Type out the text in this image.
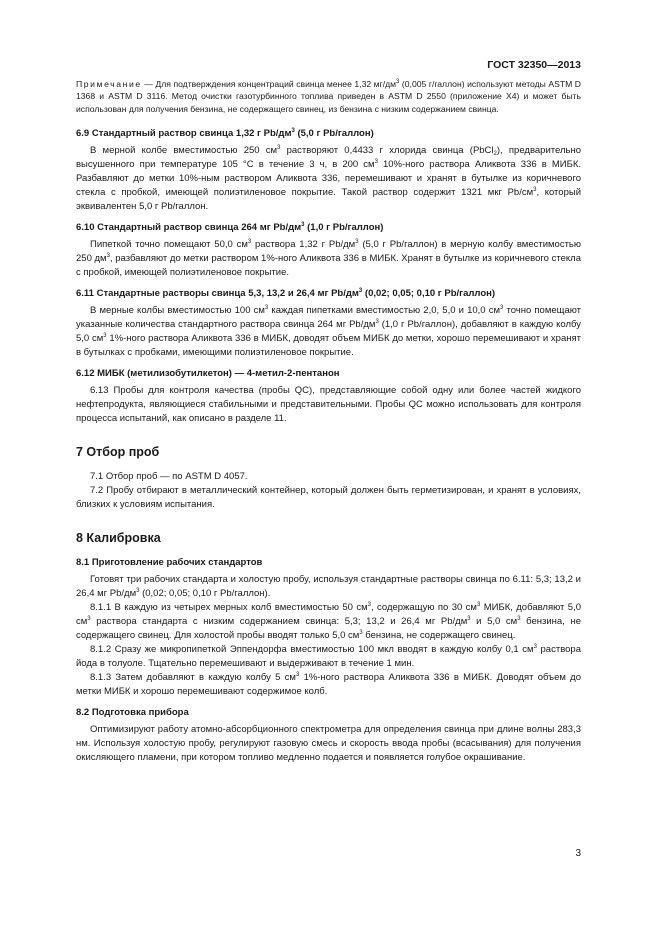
ГОСТ 32350—2013
Примечание — Для подтверждения концентраций свинца менее 1,32 $мг/дм^3$ (0,005 г/галлон) используют методы ASTM D 1368 и ASTM D 3116. Метод очистки газотурбинного топлива приведен в ASTM D 2550 (приложение X4) и может быть использован для получения бензина, не содержащего свинец, из бензина с низким содержанием свинца.

6.9 Стандартный раствор свинца 1,32 г $Pb/дм^3$ (5,0 г Pb/галлон)

В мерной колбе вместимостью 250 $см^3$ растворяют 0,4433 г хлорида свинца (PbCl$_2$), предварительно высушенного при температуре 105 °С в течение 3 ч, в 200 $см^3$ 10%-ного раствора Аликвота 336 в МИБК. Разбавляют до метки 10%-ным раствором Аликвота 336, перемешивают и хранят в бутылке из коричневого стекла с пробкой, имеющей полиэтиленовое покрытие. Такой раствор содержит 1321 мкг $Pb/см^3$, который эквивалентен 5,0 г Pb/галлон.

6.10 Стандартный раствор свинца 264 мг $Pb/дм^3$ (1,0 г Pb/галлон)

Пипеткой точно помещают 50,0 $см^3$ раствора 1,32 г $Pb/дм^3$ (5,0 г Pb/галлон) в мерную колбу вместимостью 250 $дм^3$, разбавляют до метки раствором 1%-ного Аликвота 336 в МИБК. Хранят в бутылке из коричневого стекла с пробкой, имеющей полиэтиленовое покрытие.

6.11 Стандартные растворы свинца 5,3, 13,2 и 26,4 мг $Pb/дм^3$ (0,02; 0,05; 0,10 г Pb/галлон)

В мерные колбы вместимостью 100 $см^3$ каждая пипетками вместимостью 2,0, 5,0 и 10,0 $см^3$ точно помещают указанные количества стандартного раствора свинца 264 мг $Pb/дм^3$ (1,0 г Pb/галлон), добавляют в каждую колбу 5,0 $см^3$ 1%-ного раствора Аликвота 336 в МИБК, доводят объем МИБК до метки, хорошо перемешивают и хранят в бутылках с пробками, имеющими полиэтиленовое покрытие.

6.12 МИБК (метилизобутилкетон) — 4-метил-2-пентанон

6.13 Пробы для контроля качества (пробы QC), представляющие собой одну или более частей жидкого нефтепродукта, являющиеся стабильными и представительными. Пробы QC можно использовать для контроля процесса испытаний, как описано в разделе 11.

7 Отбор проб

7.1 Отбор проб — по ASTM D 4057.

7.2 Пробу отбирают в металлический контейнер, который должен быть герметизирован, и хранят в условиях, близких к условиям испытания.

8 Калибровка

8.1 Приготовление рабочих стандартов

Готовят три рабочих стандарта и холостую пробу, используя стандартные растворы свинца по 6.11: 5,3; 13,2 и 26,4 мг $Pb/дм^3$ (0,02; 0,05; 0,10 г Pb/галлон).

8.1.1 В каждую из четырех мерных колб вместимостью 50 $см^3$, содержащую по 30 $см^3$ МИБК, добавляют 5,0 $см^3$ раствора стандарта с низким содержанием свинца: 5,3; 13,2 и 26,4 мг $Pb/дм^3$ и 5,0 $см^3$ бензина, не содержащего свинец. Для холостой пробы вводят только 5,0 $см^3$ бензина, не содержащего свинец.

8.1.2 Сразу же микропипеткой Эппендорфа вместимостью 100 мкл вводят в каждую колбу 0,1 $см^3$ раствора йода в толуоле. Тщательно перемешивают и выдерживают в течение 1 мин.

8.1.3 Затем добавляют в каждую колбу 5 $см^3$ 1%-ного раствора Аликвота 336 в МИБК. Доводят объем до метки МИБК и хорошо перемешивают содержимое колб.

8.2 Подготовка прибора

Оптимизируют работу атомно-абсорбционного спектрометра для определения свинца при длине волны 283,3 нм. Используя холостую пробу, регулируют газовую смесь и скорость ввода пробы (всасывания) для получения окисляющего пламени, при котором топливо медленно подается и появляется голубое окрашивание.

3
